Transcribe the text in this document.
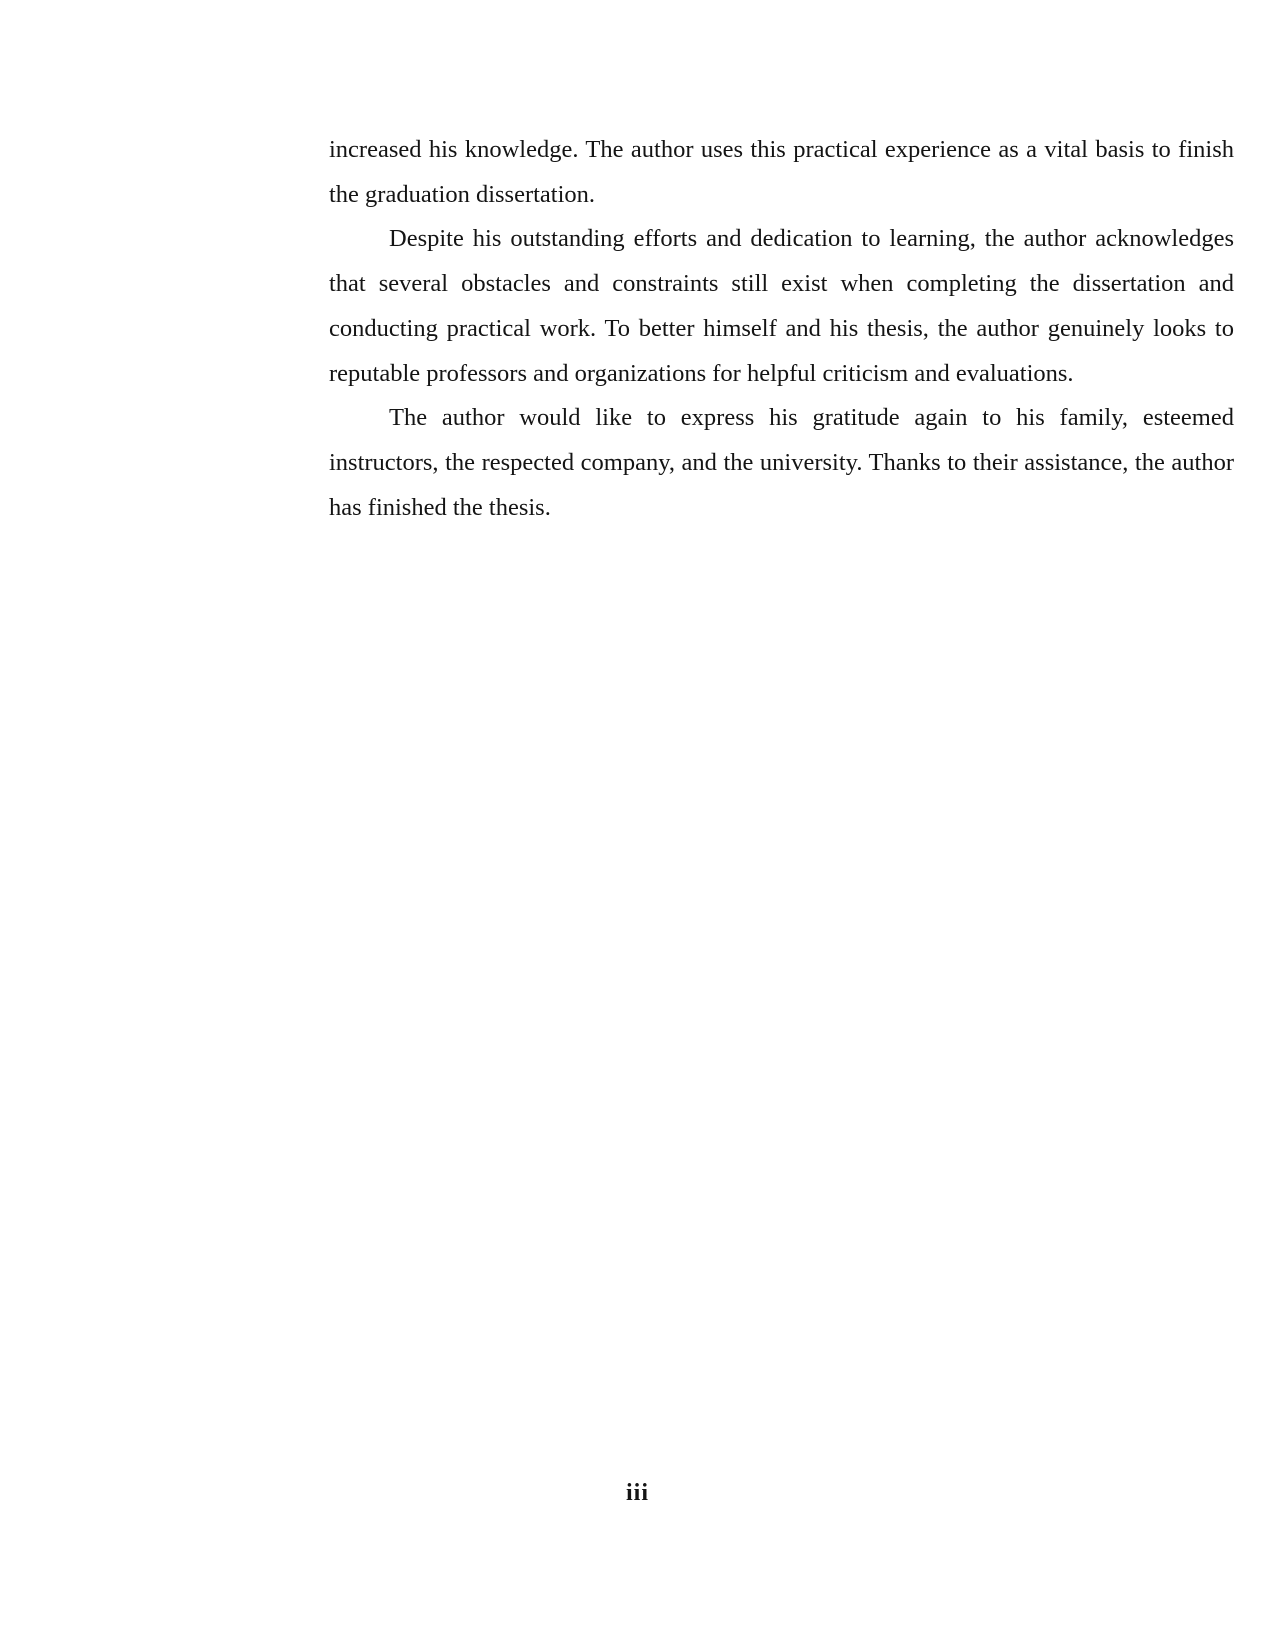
increased his knowledge. The author uses this practical experience as a vital basis to finish the graduation dissertation.

Despite his outstanding efforts and dedication to learning, the author acknowledges that several obstacles and constraints still exist when completing the dissertation and conducting practical work. To better himself and his thesis, the author genuinely looks to reputable professors and organizations for helpful criticism and evaluations.

The author would like to express his gratitude again to his family, esteemed instructors, the respected company, and the university. Thanks to their assistance, the author has finished the thesis.

iii
